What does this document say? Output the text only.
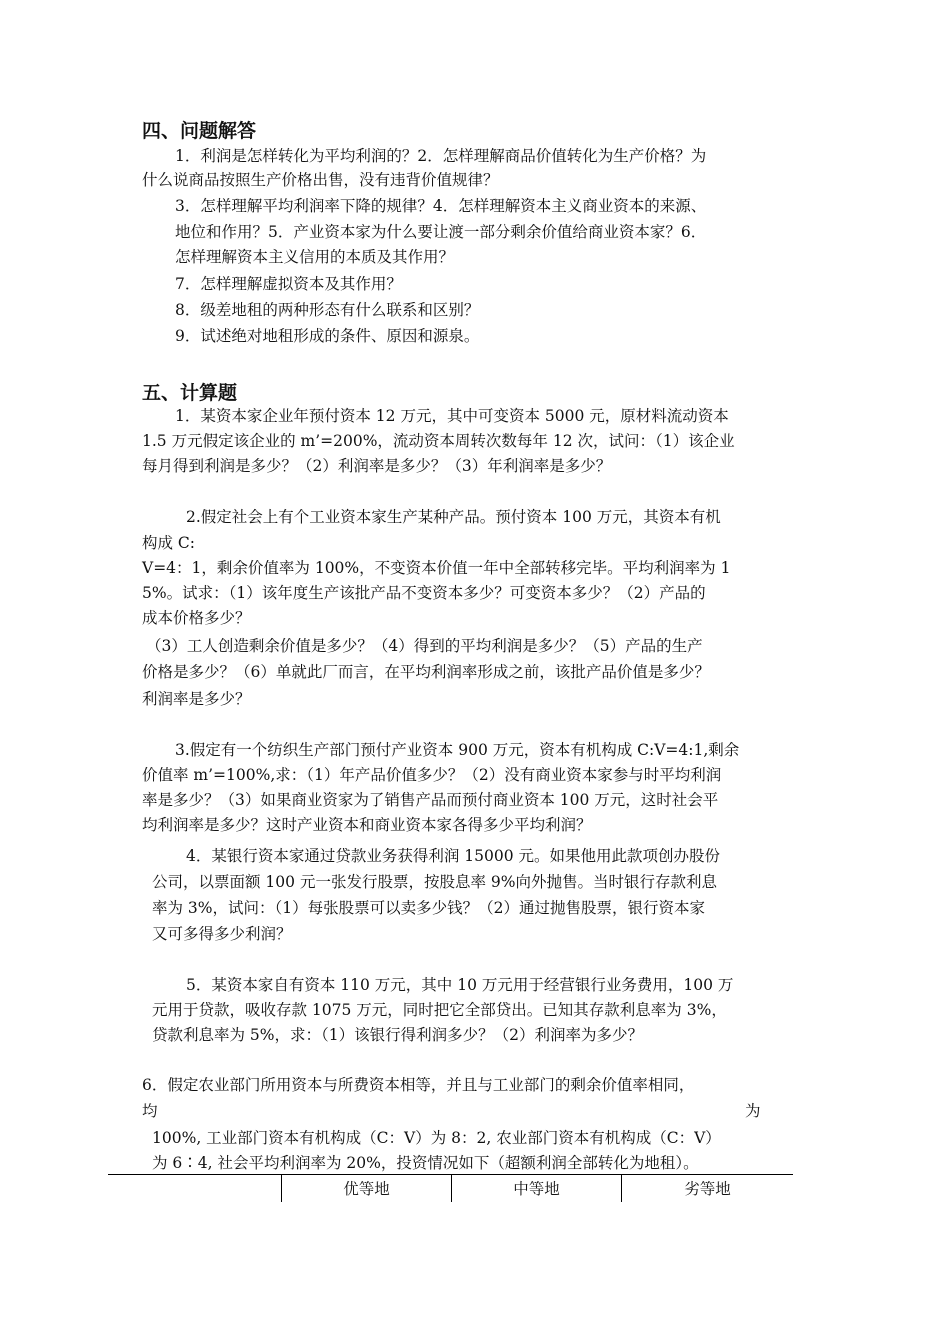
四、问题解答
1．利润是怎样转化为平均利润的？2．怎样理解商品价值转化为生产价格？为
什么说商品按照生产价格出售，没有违背价值规律？
3．怎样理解平均利润率下降的规律？4．怎样理解资本主义商业资本的来源、
地位和作用？5．产业资本家为什么要让渡一部分剩余价值给商业资本家？6．
怎样理解资本主义信用的本质及其作用？
7．怎样理解虚拟资本及其作用？
8．级差地租的两种形态有什么联系和区别？
9．试述绝对地租形成的条件、原因和源泉。
五、计算题
1．某资本家企业年预付资本 12 万元，其中可变资本 5000 元，原材料流动资本
1.5 万元假定该企业的 m’=200%，流动资本周转次数每年 12 次，试问：（1）该企业
每月得到利润是多少？（2）利润率是多少？（3）年利润率是多少？
2.假定社会上有个工业资本家生产某种产品。预付资本 100 万元，其资本有机
构成 C:
V=4：1，剩余价值率为 100%，不变资本价值一年中全部转移完毕。平均利润率为 1
5%。试求：（1）该年度生产该批产品不变资本多少？可变资本多少？（2）产品的
成本价格多少？
（3）工人创造剩余价值是多少？（4）得到的平均利润是多少？（5）产品的生产
价格是多少？（6）单就此厂而言，在平均利润率形成之前，该批产品价值是多少？
利润率是多少？
3.假定有一个纺织生产部门预付产业资本 900 万元，资本有机构成 C:V=4:1,剩余
价值率 m’=100%,求：（1）年产品价值多少？（2）没有商业资本家参与时平均利润
率是多少？（3）如果商业资家为了销售产品而预付商业资本 100 万元，这时社会平
均利润率是多少？这时产业资本和商业资本家各得多少平均利润？
4．某银行资本家通过贷款业务获得利润 15000 元。如果他用此款项创办股份
公司，以票面额 100 元一张发行股票，按股息率 9%向外抛售。当时银行存款利息
率为 3%，试问：（1）每张股票可以卖多少钱？（2）通过抛售股票，银行资本家
又可多得多少利润？
5．某资本家自有资本 110 万元，其中 10 万元用于经营银行业务费用，100 万
元用于贷款，吸收存款 1075 万元，同时把它全部贷出。已知其存款利息率为 3%，
贷款利息率为 5%，求：（1）该银行得利润多少？（2）利润率为多少？
6．假定农业部门所用资本与所费资本相等，并且与工业部门的剩余价值率相同，
均	为
100%, 工业部门资本有机构成（C：V）为 8：2, 农业部门资本有机构成（C：V）
为 6∶4, 社会平均利润率为 20%，投资情况如下（超额利润全部转化为地租）。
优等地	中等地	劣等地
